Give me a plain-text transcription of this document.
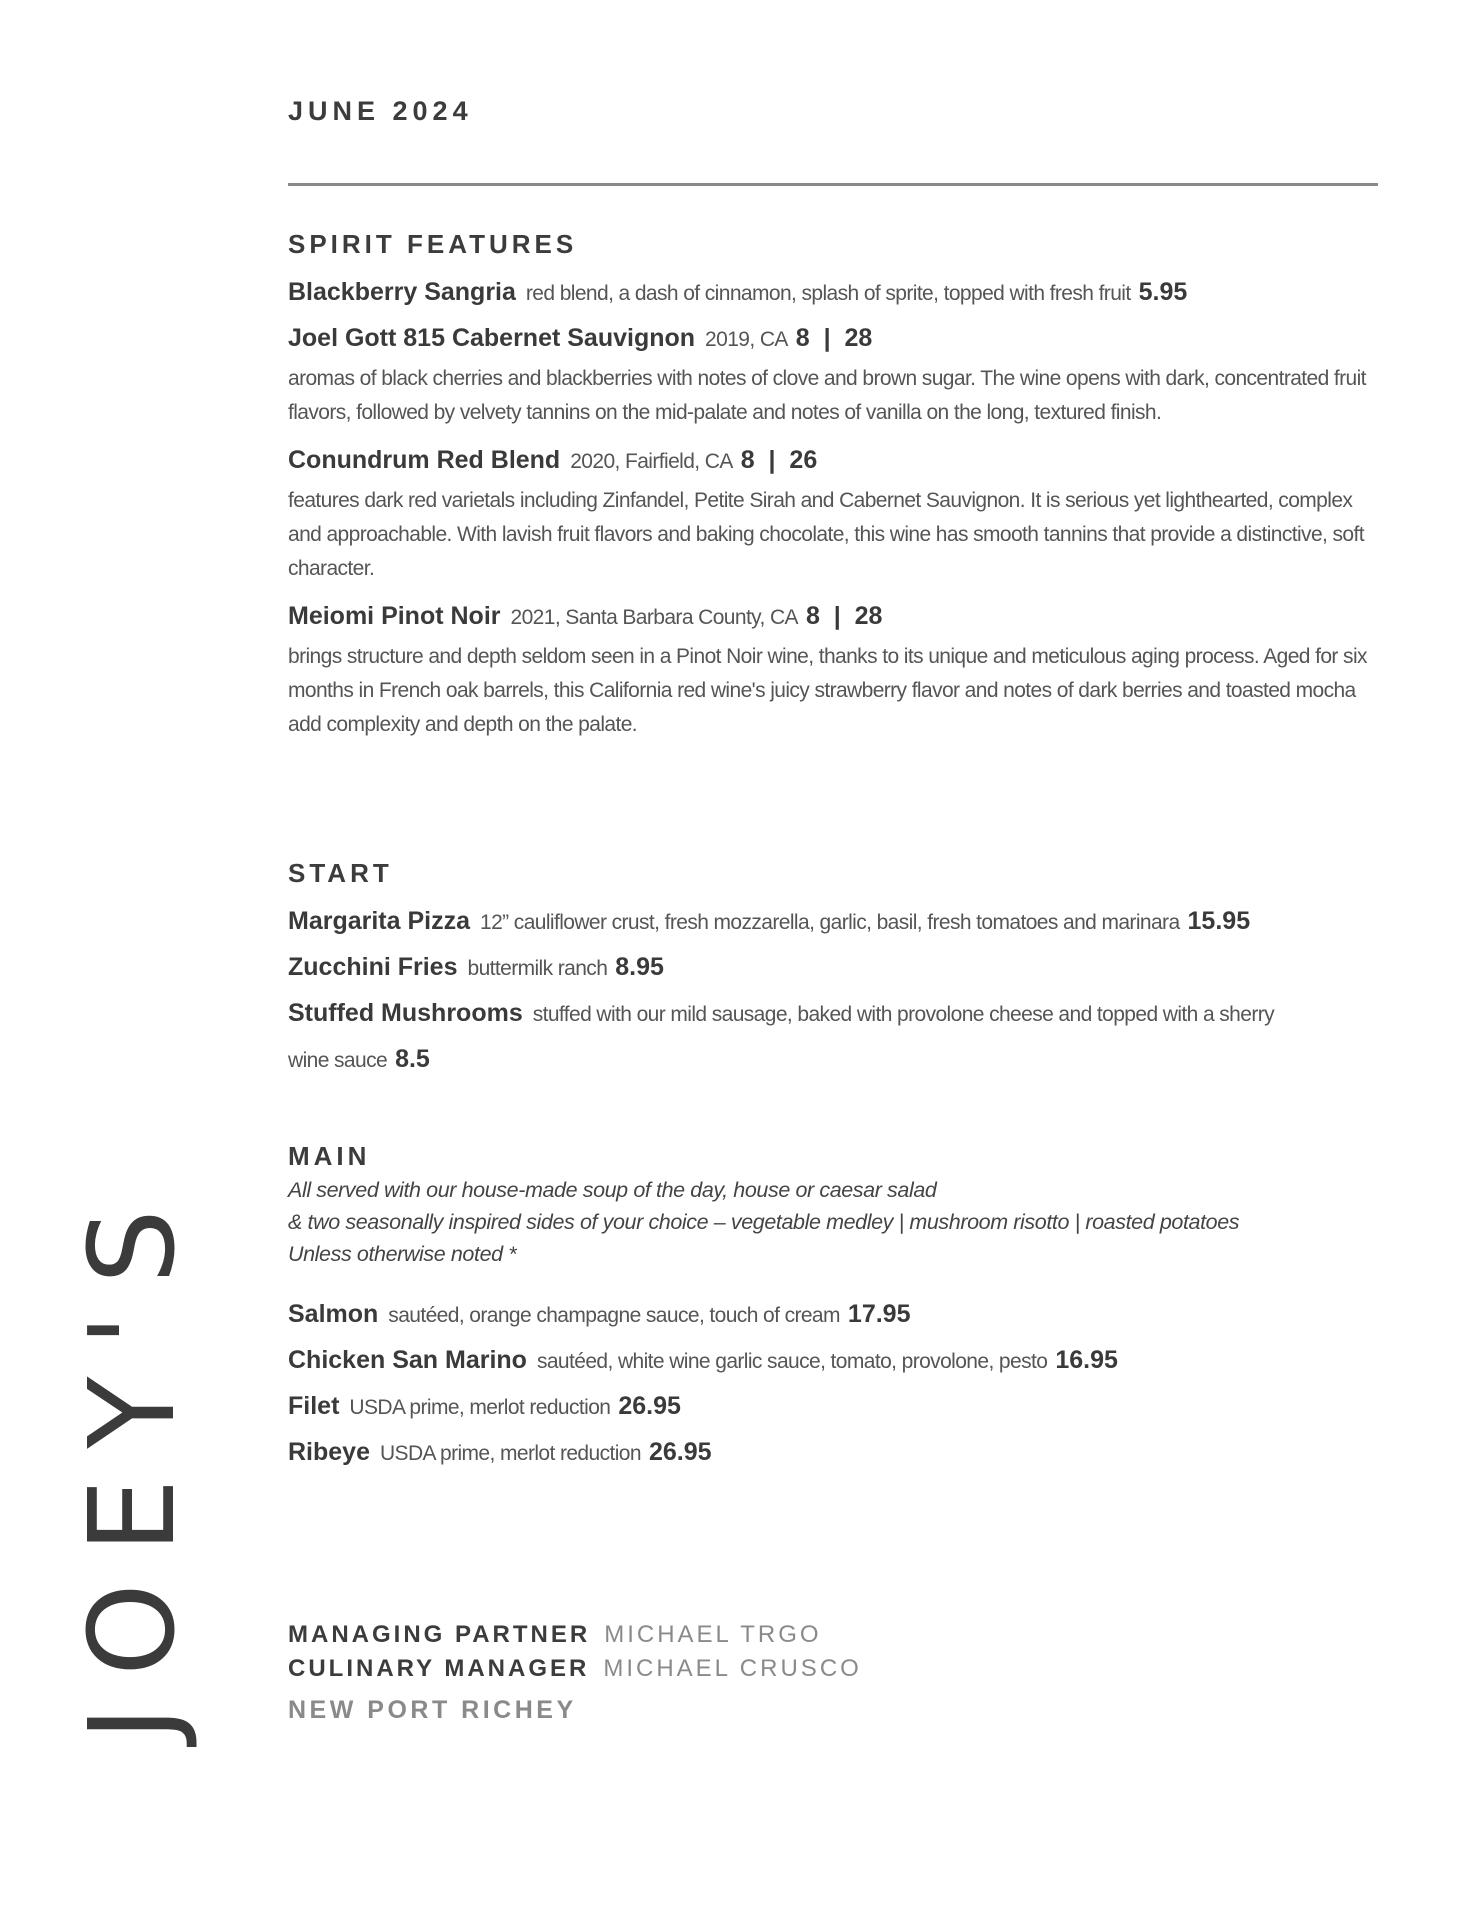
JOEY'S
JUNE 2024
SPIRIT FEATURES
Blackberry Sangria red blend, a dash of cinnamon, splash of sprite, topped with fresh fruit 5.95
Joel Gott 815 Cabernet Sauvignon 2019, CA 8  |  28

aromas of black cherries and blackberries with notes of clove and brown sugar. The wine opens with dark, concentrated fruit flavors, followed by velvety tannins on the mid-palate and notes of vanilla on the long, textured finish.

Conundrum Red Blend 2020, Fairfield, CA 8  |  26

features dark red varietals including Zinfandel, Petite Sirah and Cabernet Sauvignon. It is serious yet lighthearted, complex and approachable. With lavish fruit flavors and baking chocolate, this wine has smooth tannins that provide a distinctive, soft character.

Meiomi Pinot Noir 2021, Santa Barbara County, CA 8  |  28

brings structure and depth seldom seen in a Pinot Noir wine, thanks to its unique and meticulous aging process. Aged for six months in French oak barrels, this California red wine's juicy strawberry flavor and notes of dark berries and toasted mocha add complexity and depth on the palate.

START
Margarita Pizza 12” cauliflower crust, fresh mozzarella, garlic, basil, fresh tomatoes and marinara 15.95
Zucchini Fries buttermilk ranch 8.95
Stuffed Mushrooms stuffed with our mild sausage, baked with provolone cheese and topped with a sherry
wine sauce 8.5
MAIN
All served with our house-made soup of the day, house or caesar salad
& two seasonally inspired sides of your choice – vegetable medley | mushroom risotto | roasted potatoes
Unless otherwise noted *
Salmon sautéed, orange champagne sauce, touch of cream 17.95
Chicken San Marino sautéed, white wine garlic sauce, tomato, provolone, pesto 16.95
Filet USDA prime, merlot reduction 26.95
Ribeye USDA prime, merlot reduction 26.95
MANAGING PARTNER MICHAEL TRGO
CULINARY MANAGER MICHAEL CRUSCO
NEW PORT RICHEY
